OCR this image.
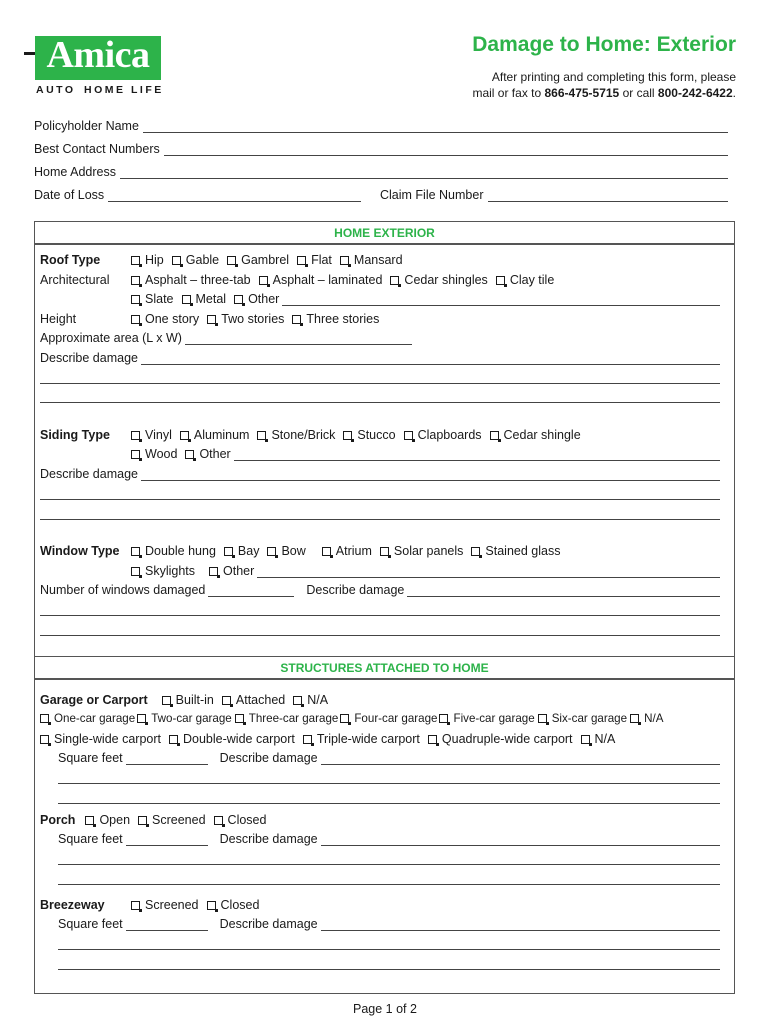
Amica
AUTO HOME LIFE
Damage to Home: Exterior
After printing and completing this form, please
mail or fax to 866-475-5715 or call 800-242-6422.
Policyholder Name
Best Contact Numbers
Home Address
Date of Loss	Claim File Number
HOME EXTERIOR
Roof Type	Hip	Gable	Gambrel	Flat	Mansard
Architectural	Asphalt – three-tab	Asphalt – laminated	Cedar shingles	Clay tile
Slate	Metal	Other
Height	One story	Two stories	Three stories
Approximate area (L x W)
Describe damage
Siding Type	Vinyl	Aluminum	Stone/Brick	Stucco	Clapboards	Cedar shingle
Wood	Other
Describe damage
Window Type	Double hung	Bay	Bow	Atrium	Solar panels	Stained glass
Skylights	Other
Number of windows damaged	Describe damage
STRUCTURES ATTACHED TO HOME
Garage or Carport	Built-in	Attached	N/A
One-car garage	Two-car garage	Three-car garage	Four-car garage	Five-car garage	Six-car garage	N/A
Single-wide carport	Double-wide carport	Triple-wide carport	Quadruple-wide carport	N/A
Square feet	Describe damage
Porch	Open	Screened	Closed
Square feet	Describe damage
Breezeway	Screened	Closed
Square feet	Describe damage
Page 1 of 2
